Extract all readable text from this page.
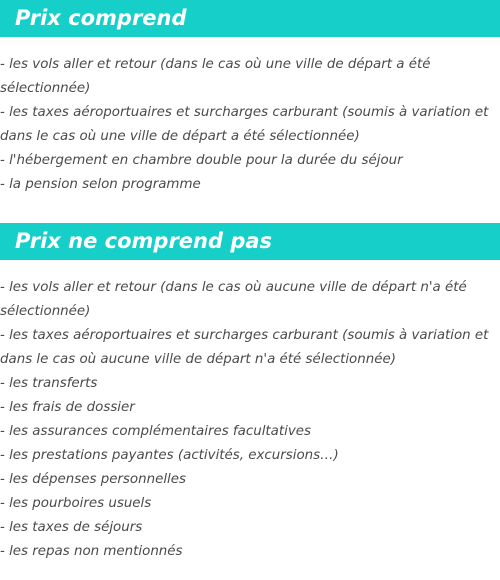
Prix comprend
- les vols aller et retour (dans le cas où une ville de départ a été sélectionnée)
- les taxes aéroportuaires et surcharges carburant (soumis à variation et dans le cas où une ville de départ a été sélectionnée)
- l'hébergement en chambre double pour la durée du séjour
- la pension selon programme
Prix ne comprend pas
- les vols aller et retour (dans le cas où aucune ville de départ n'a été sélectionnée)
- les taxes aéroportuaires et surcharges carburant (soumis à variation et dans le cas où aucune ville de départ n'a été sélectionnée)
- les transferts
- les frais de dossier
- les assurances complémentaires facultatives
- les prestations payantes (activités, excursions…)
- les dépenses personnelles
- les pourboires usuels
- les taxes de séjours
- les repas non mentionnés
